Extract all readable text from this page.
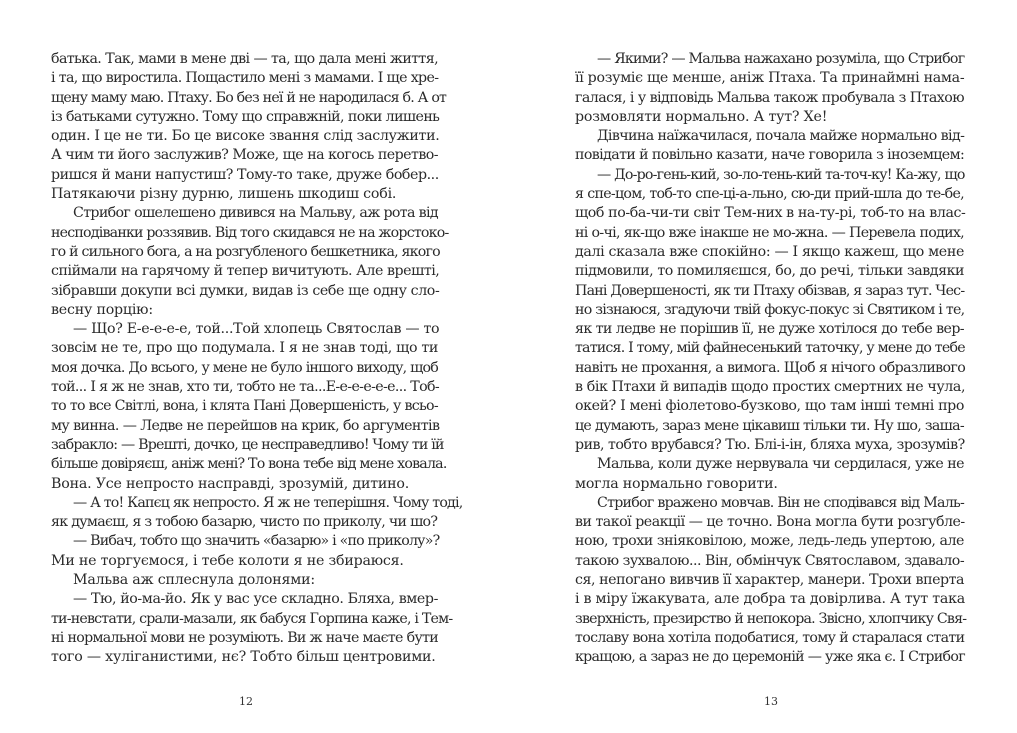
батька. Так, мами в мене дві — та, що дала мені життя,
і та, що виростила. Пощастило мені з мамами. І ще хре-
щену маму маю. Птаху. Бо без неї й не народилася б. А от
із батьками сутужно. Тому що справжній, поки лишень
один. І це не ти. Бо це високе звання слід заслужити.
А чим ти його заслужив? Може, ще на когось перетво-
ришся й мани напустиш? Тому-то таке, друже бобер...
Патякаючи різну дурню, лишень шкодиш собі.
Стрибог ошелешено дивився на Мальву, аж рота від
несподіванки роззявив. Від того скидався не на жорстоко-
го й сильного бога, а на розгубленого бешкетника, якого
спіймали на гарячому й тепер вичитують. Але врешті,
зібравши докупи всі думки, видав із себе ще одну сло-
весну порцію:
— Що? Е-е-е-е-е, той...Той хлопець Святослав — то
зовсім не те, про що подумала. І я не знав тоді, що ти
моя дочка. До всього, у мене не було іншого виходу, щоб
той... І я ж не знав, хто ти, тобто не та...Е-е-е-е-е-е... Тоб-
то то все Світлі, вона, і клята Пані Довершеність, у всьо-
му винна. — Ледве не перейшов на крик, бо аргументів
забракло: — Врешті, дочко, це несправедливо! Чому ти їй
більше довіряєш, аніж мені? То вона тебе від мене ховала.
Вона. Усе непросто насправді, зрозумій, дитино.
— А то! Капєц як непросто. Я ж не теперішня. Чому тоді,
як думаєш, я з тобою базарю, чисто по приколу, чи шо?
— Вибач, тобто що значить «базарю» і «по приколу»?
Ми не торгуємося, і тебе колоти я не збираюся.
Мальва аж сплеснула долонями:
— Тю, йо-ма-йо. Як у вас усе складно. Бляха, вмер-
ти-невстати, срали-мазали, як бабуся Горпина каже, і Тем-
ні нормальної мови не розуміють. Ви ж наче маєте бути
того — хуліганистими, нє? Тобто більш центровими.
12
— Якими? — Мальва нажахано розуміла, що Стрибог
її розуміє ще менше, аніж Птаха. Та принаймні нама-
галася, і у відповідь Мальва також пробувала з Птахою
розмовляти нормально. А тут? Хе!
Дівчина наїжачилася, почала майже нормально від-
повідати й повільно казати, наче говорила з іноземцем:
— До-ро-гень-кий, зо-ло-тень-кий та-точ-ку! Ка-жу, що
я спе-цом, тоб-то спе-ці-а-льно, сю-ди прий-шла до те-бе,
щоб по-ба-чи-ти світ Тем-них в на-ту-рі, тоб-то на влас-
ні о-чі, як-що вже інакше не мо-жна. — Перевела подих,
далі сказала вже спокійно: — І якщо кажеш, що мене
підмовили, то помиляєшся, бо, до речі, тільки завдяки
Пані Довершеності, як ти Птаху обізвав, я зараз тут. Чес-
но зізнаюся, згадуючи твій фокус-покус зі Святиком і те,
як ти ледве не порішив її, не дуже хотілося до тебе вер-
татися. І тому, мій файнесенький таточку, у мене до тебе
навіть не прохання, а вимога. Щоб я нічого образливого
в бік Птахи й випадів щодо простих смертних не чула,
окей? І мені фіолетово-бузково, що там інші темні про
це думають, зараз мене цікавиш тільки ти. Ну шо, заша-
рив, тобто врубався? Тю. Блі-і-ін, бляха муха, зрозумів?
Мальва, коли дуже нервувала чи сердилася, уже не
могла нормально говорити.
Стрибог вражено мовчав. Він не сподівався від Маль-
ви такої реакції — це точно. Вона могла бути розгубле-
ною, трохи зніяковілою, може, ледь-ледь упертою, але
такою зухвалою... Він, обмінчук Святославом, здавало-
ся, непогано вивчив її характер, манери. Трохи вперта
і в міру їжакувата, але добра та довірлива. А тут така
зверхність, презирство й непокора. Звісно, хлопчику Свя-
тославу вона хотіла подобатися, тому й старалася стати
кращою, а зараз не до церемоній — уже яка є. І Стрибог
13
